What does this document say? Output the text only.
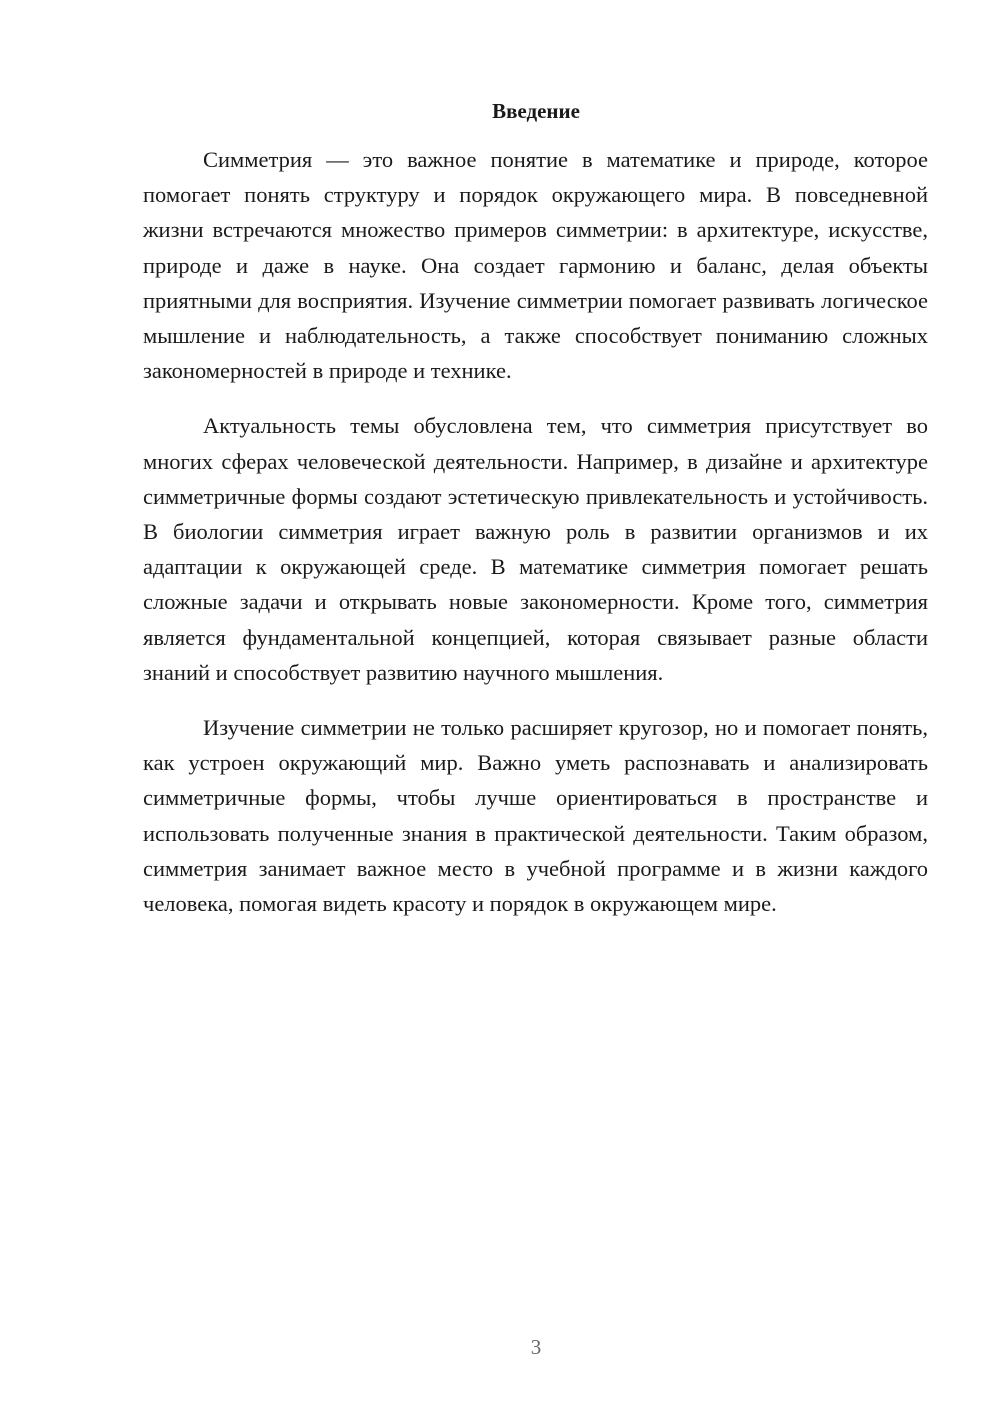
Введение

Симметрия — это важное понятие в математике и природе, которое помогает понять структуру и порядок окружающего мира. В повседневной жизни встречаются множество примеров симметрии: в архитектуре, искусстве, природе и даже в науке. Она создает гармонию и баланс, делая объекты приятными для восприятия. Изучение симметрии помогает развивать логическое мышление и наблюдательность, а также способствует пониманию сложных закономерностей в природе и технике.

Актуальность темы обусловлена тем, что симметрия присутствует во многих сферах человеческой деятельности. Например, в дизайне и архитектуре симметричные формы создают эстетическую привлекательность и устойчивость. В биологии симметрия играет важную роль в развитии организмов и их адаптации к окружающей среде. В математике симметрия помогает решать сложные задачи и открывать новые закономерности. Кроме того, симметрия является фундаментальной концепцией, которая связывает разные области знаний и способствует развитию научного мышления.

Изучение симметрии не только расширяет кругозор, но и помогает понять, как устроен окружающий мир. Важно уметь распознавать и анализировать симметричные формы, чтобы лучше ориентироваться в пространстве и использовать полученные знания в практической деятельности. Таким образом, симметрия занимает важное место в учебной программе и в жизни каждого человека, помогая видеть красоту и порядок в окружающем мире.

3
